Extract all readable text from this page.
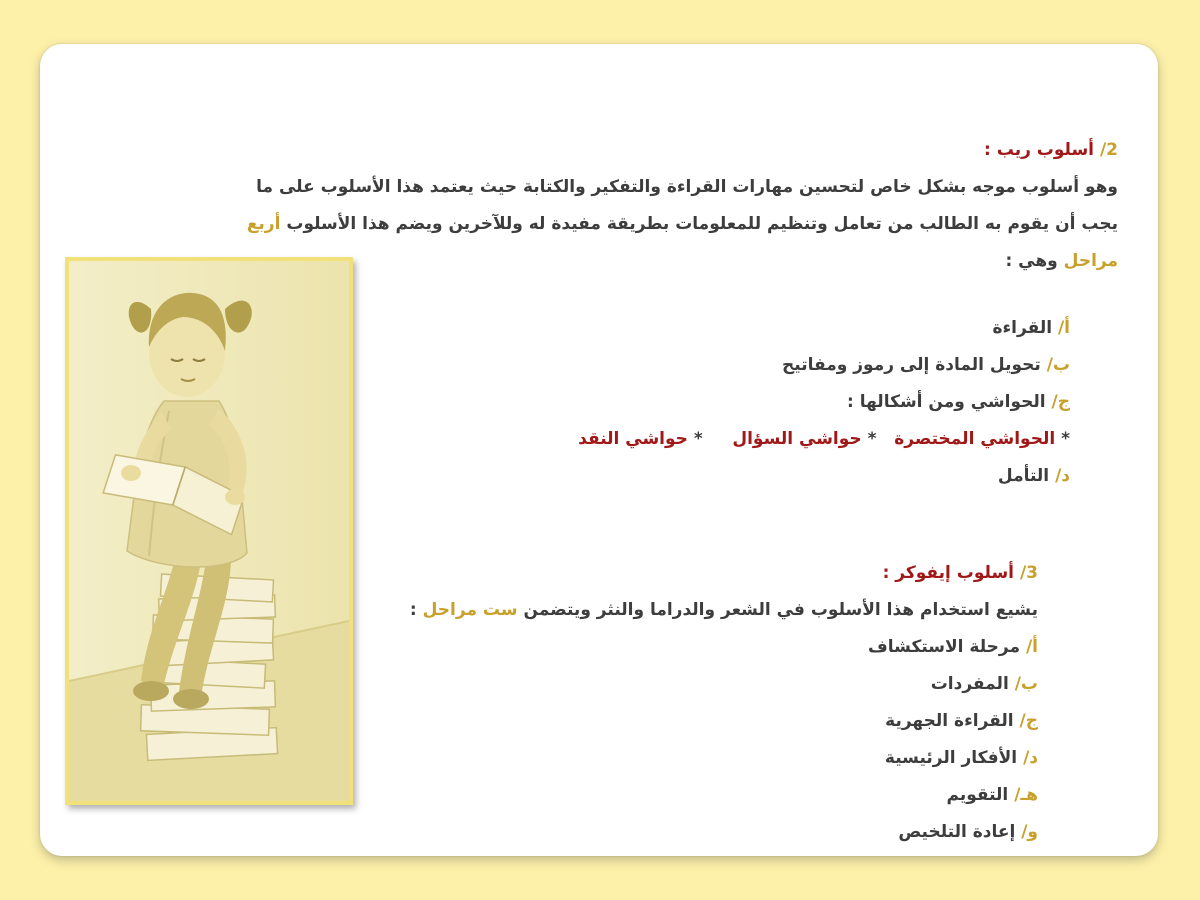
2/ أسلوب ريب :
وهو أسلوب موجه بشكل خاص لتحسين مهارات القراءة والتفكير والكتابة حيث يعتمد هذا الأسلوب على ما
يجب أن يقوم به الطالب من تعامل وتنظيم للمعلومات بطريقة مفيدة له وللآخرين ويضم هذا الأسلوب أربع
مراحل وهي :
أ/ القراءة
ب/ تحويل المادة إلى رموز ومفاتيح
ج/ الحواشي ومن أشكالها :
* الحواشي المختصرة   * حواشي السؤال     * حواشي النقد
د/ التأمل
3/ أسلوب إيفوكر :
يشيع استخدام هذا الأسلوب في الشعر والدراما والنثر ويتضمن ست مراحل :
أ/ مرحلة الاستكشاف
ب/ المفردات
ج/ القراءة الجهرية
د/ الأفكار الرئيسية
هـ/ التقويم
و/ إعادة التلخيص
